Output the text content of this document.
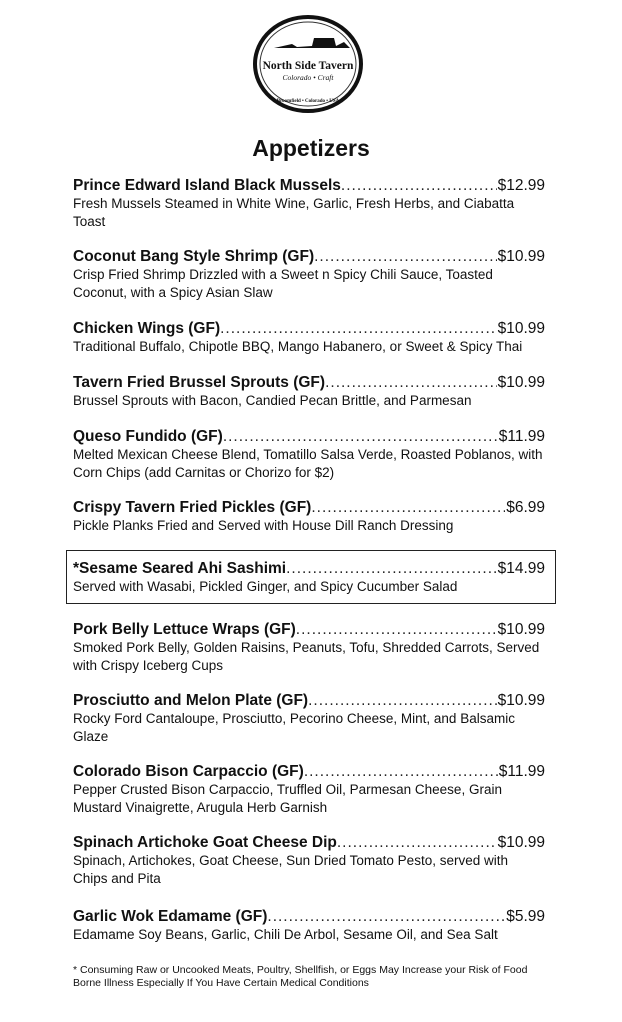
North Side Tavern
Colorado • Craft
Broomfield • Colorado • USA
Appetizers
Prince Edward Island Black Mussels .....	$12.99
Fresh Mussels Steamed in White Wine, Garlic, Fresh Herbs, and Ciabatta Toast
Coconut Bang Style Shrimp (GF) .....	$10.99
Crisp Fried Shrimp Drizzled with a Sweet n Spicy Chili Sauce, Toasted Coconut, with a Spicy Asian Slaw
Chicken Wings (GF) .....	$10.99
Traditional Buffalo, Chipotle BBQ, Mango Habanero, or Sweet & Spicy Thai
Tavern Fried Brussel Sprouts (GF) .....	$10.99
Brussel Sprouts with Bacon, Candied Pecan Brittle, and Parmesan
Queso Fundido (GF) .....	$11.99
Melted Mexican Cheese Blend, Tomatillo Salsa Verde, Roasted Poblanos, with Corn Chips (add Carnitas or Chorizo for $2)
Crispy Tavern Fried Pickles (GF) .....	$6.99
Pickle Planks Fried and Served with House Dill Ranch Dressing
*Sesame Seared Ahi Sashimi .....	$14.99
Served with Wasabi, Pickled Ginger, and Spicy Cucumber Salad
Pork Belly Lettuce Wraps (GF) .....	$10.99
Smoked Pork Belly, Golden Raisins, Peanuts, Tofu, Shredded Carrots, Served with Crispy Iceberg Cups
Prosciutto and Melon Plate (GF) .....	$10.99
Rocky Ford Cantaloupe, Prosciutto, Pecorino Cheese, Mint, and Balsamic Glaze
Colorado Bison Carpaccio (GF) .....	$11.99
Pepper Crusted Bison Carpaccio, Truffled Oil, Parmesan Cheese, Grain Mustard Vinaigrette, Arugula Herb Garnish
Spinach Artichoke Goat Cheese Dip .....	$10.99
Spinach, Artichokes, Goat Cheese, Sun Dried Tomato Pesto, served with Chips and Pita
Garlic Wok Edamame (GF) .....	$5.99
Edamame Soy Beans, Garlic, Chili De Arbol, Sesame Oil, and Sea Salt
* Consuming Raw or Uncooked Meats, Poultry, Shellfish, or Eggs May Increase your Risk of Food Borne Illness Especially If You Have Certain Medical Conditions
